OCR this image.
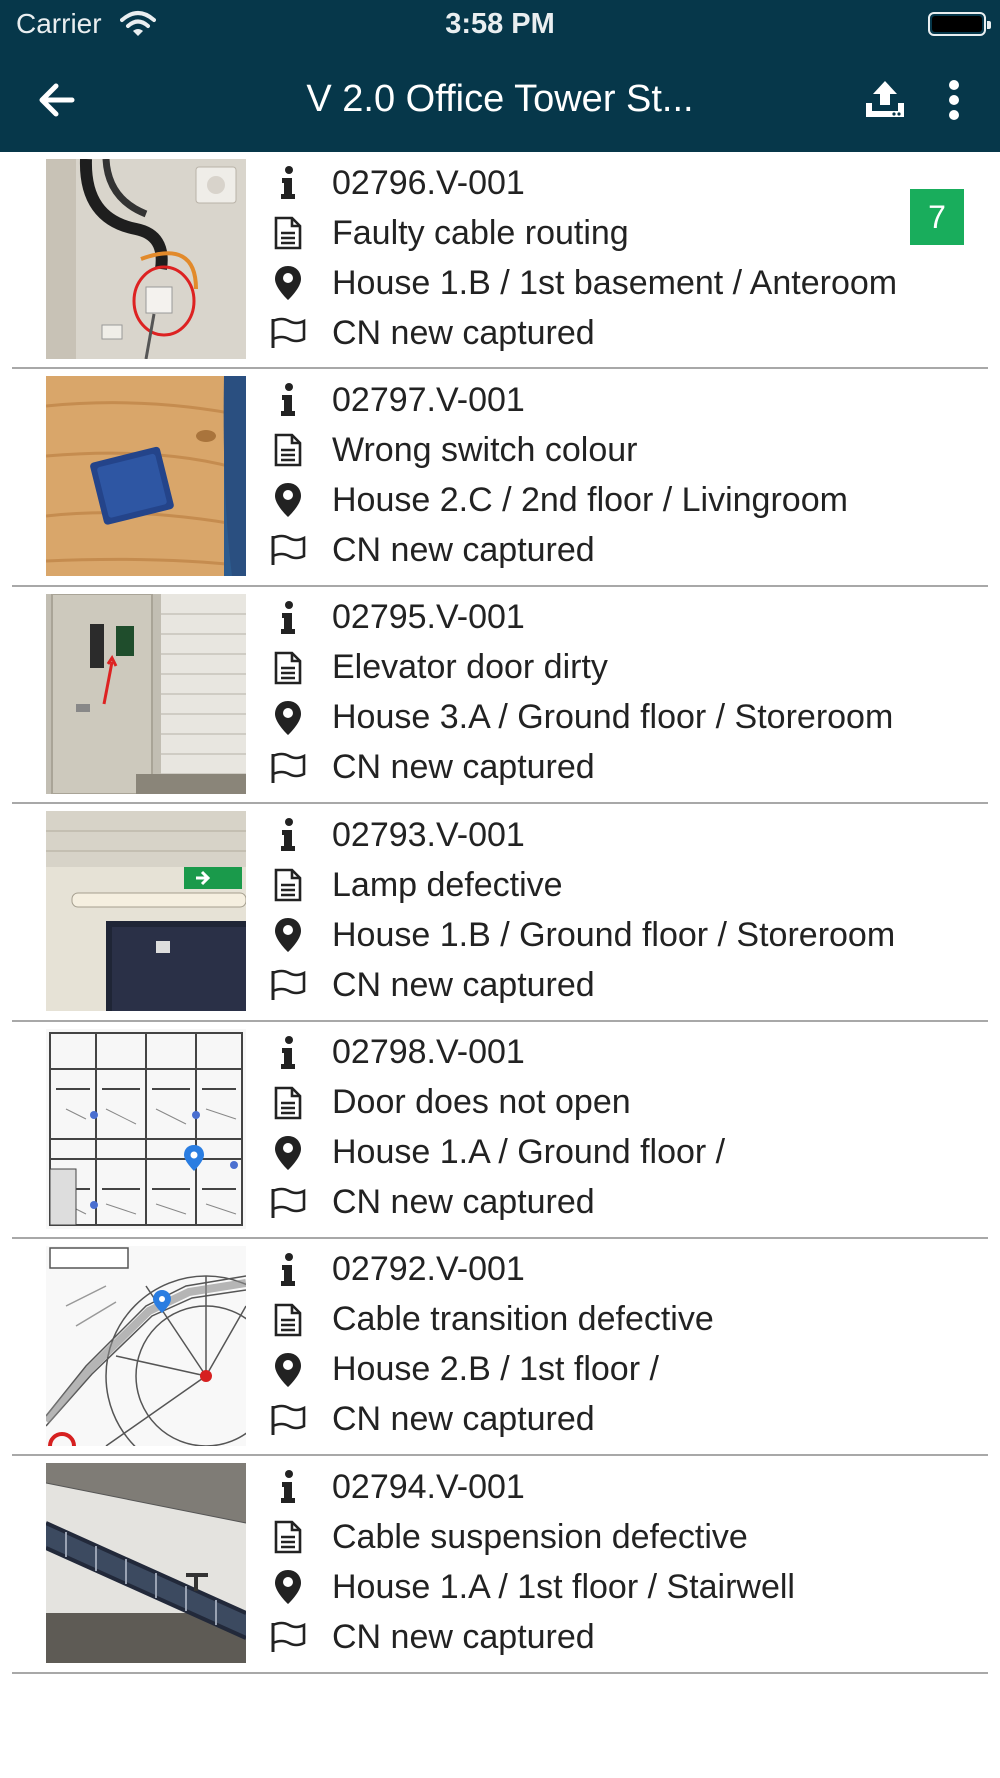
Carrier	3:58 PM
V 2.0 Office Tower St...
02796.V-001
Faulty cable routing
House 1.B / 1st basement / Anteroom
CN new captured
7
02797.V-001
Wrong switch colour
House 2.C / 2nd floor / Livingroom
CN new captured
02795.V-001
Elevator door dirty
House 3.A / Ground floor / Storeroom
CN new captured
02793.V-001
Lamp defective
House 1.B / Ground floor / Storeroom
CN new captured
02798.V-001
Door does not open
House 1.A / Ground floor /
CN new captured
02792.V-001
Cable transition defective
House 2.B / 1st floor /
CN new captured
02794.V-001
Cable suspension defective
House 1.A / 1st floor / Stairwell
CN new captured
